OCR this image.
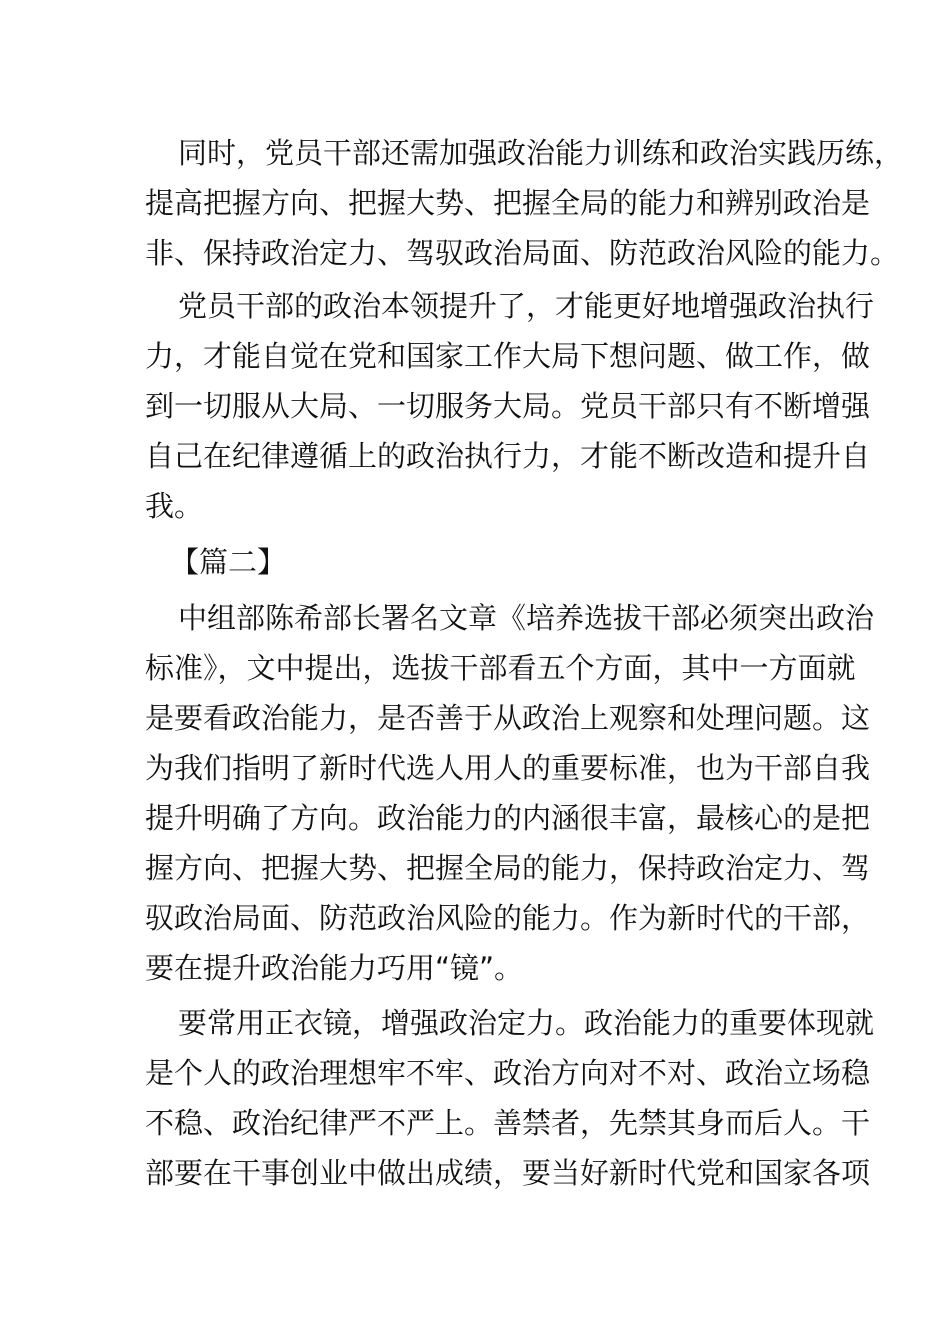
同时，党员干部还需加强政治能力训练和政治实践历练，
提高把握方向、把握大势、把握全局的能力和辨别政治是
非、保持政治定力、驾驭政治局面、防范政治风险的能力。
党员干部的政治本领提升了，才能更好地增强政治执行
力，才能自觉在党和国家工作大局下想问题、做工作，做
到一切服从大局、一切服务大局。党员干部只有不断增强
自己在纪律遵循上的政治执行力，才能不断改造和提升自
我。
【篇二】
中组部陈希部长署名文章《培养选拔干部必须突出政治
标准》，文中提出，选拔干部看五个方面，其中一方面就
是要看政治能力，是否善于从政治上观察和处理问题。这
为我们指明了新时代选人用人的重要标准，也为干部自我
提升明确了方向。政治能力的内涵很丰富，最核心的是把
握方向、把握大势、把握全局的能力，保持政治定力、驾
驭政治局面、防范政治风险的能力。作为新时代的干部，
要在提升政治能力巧用“镜”。
要常用正衣镜，增强政治定力。政治能力的重要体现就
是个人的政治理想牢不牢、政治方向对不对、政治立场稳
不稳、政治纪律严不严上。善禁者，先禁其身而后人。干
部要在干事创业中做出成绩，要当好新时代党和国家各项
